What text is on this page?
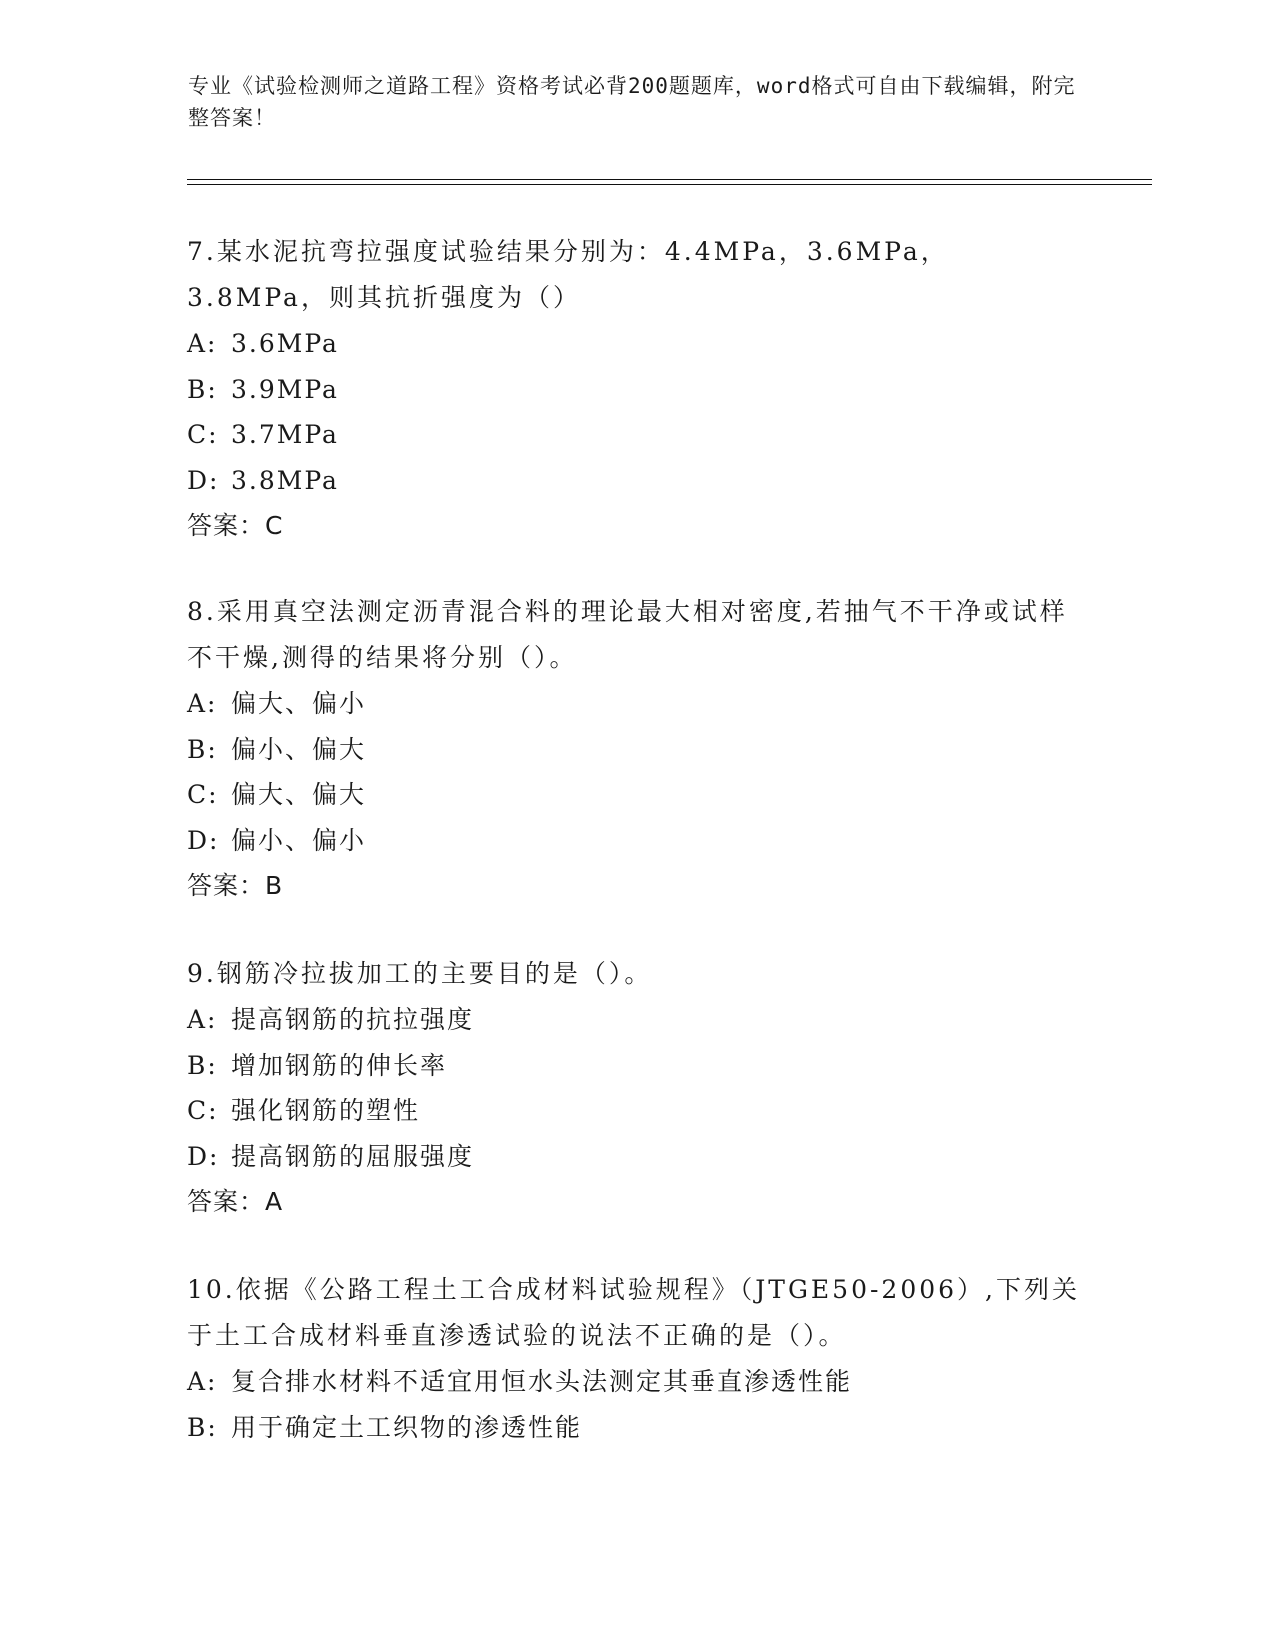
专业《试验检测师之道路工程》资格考试必背200题题库，word格式可自由下载编辑，附完整答案！

7.某水泥抗弯拉强度试验结果分别为：4.4MPa，3.6MPa，3.8MPa，则其抗折强度为（）

A: 3.6MPa

B: 3.9MPa

C: 3.7MPa

D: 3.8MPa

答案：C

8.采用真空法测定沥青混合料的理论最大相对密度,若抽气不干净或试样不干燥,测得的结果将分别（）。

A: 偏大、偏小

B: 偏小、偏大

C: 偏大、偏大

D: 偏小、偏小

答案：B

9.钢筋冷拉拔加工的主要目的是（）。

A: 提高钢筋的抗拉强度

B: 增加钢筋的伸长率

C: 强化钢筋的塑性

D: 提高钢筋的屈服强度

答案：A

10.依据《公路工程土工合成材料试验规程》（JTGE50-2006）,下列关于土工合成材料垂直渗透试验的说法不正确的是（）。

A: 复合排水材料不适宜用恒水头法测定其垂直渗透性能

B: 用于确定土工织物的渗透性能
